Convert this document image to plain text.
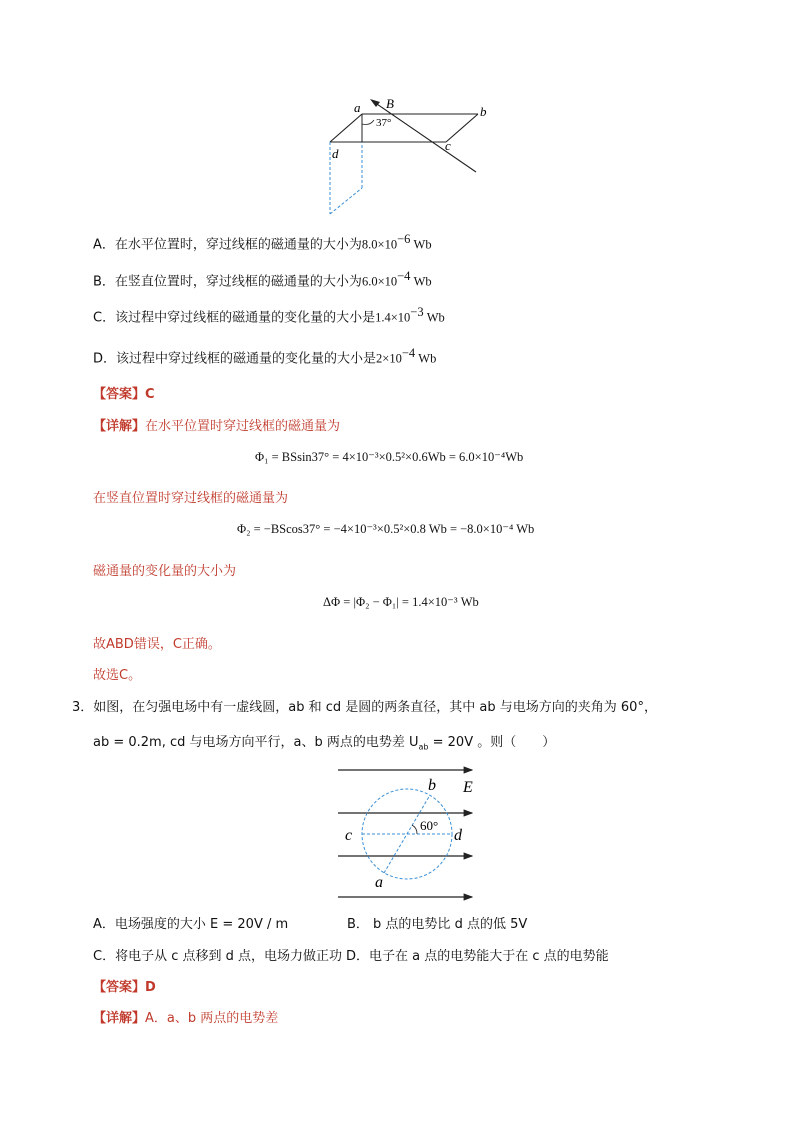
a B
b
37°
d
c
A．在水平位置时，穿过线框的磁通量的大小为$8.0\times 10^{-6}$ Wb
B．在竖直位置时，穿过线框的磁通量的大小为$6.0\times 10^{-4}$ Wb
C．该过程中穿过线框的磁通量的变化量的大小是$1.4\times 10^{-3}$ Wb
D．该过程中穿过线框的磁通量的变化量的大小是$2\times 10^{-4}$ Wb
【答案】C
【详解】在水平位置时穿过线框的磁通量为
Φ₁ = BSsin37° = 4×10⁻³×0.5²×0.6Wb = 6.0×10⁻⁴Wb
在竖直位置时穿过线框的磁通量为
Φ₂ = −BScos37° = −4×10⁻³×0.5²×0.8 Wb = −8.0×10⁻⁴ Wb
磁通量的变化量的大小为
ΔΦ = |Φ₂ − Φ₁| = 1.4×10⁻³ Wb
故ABD错误，C正确。
故选C。
3．如图，在匀强电场中有一虚线圆，ab 和 cd 是圆的两条直径，其中 ab 与电场方向的夹角为 60°，
ab = 0.2m, cd 与电场方向平行，a、b 两点的电势差 $U_{ab} = 20V$ 。则（　　）
b E
c
60°
d
a
A．电场强度的大小 E = 20V / m	B． b 点的电势比 d 点的低 5V
C．将电子从 c 点移到 d 点，电场力做正功 D．电子在 a 点的电势能大于在 c 点的电势能
【答案】D
【详解】A．a、b 两点的电势差
